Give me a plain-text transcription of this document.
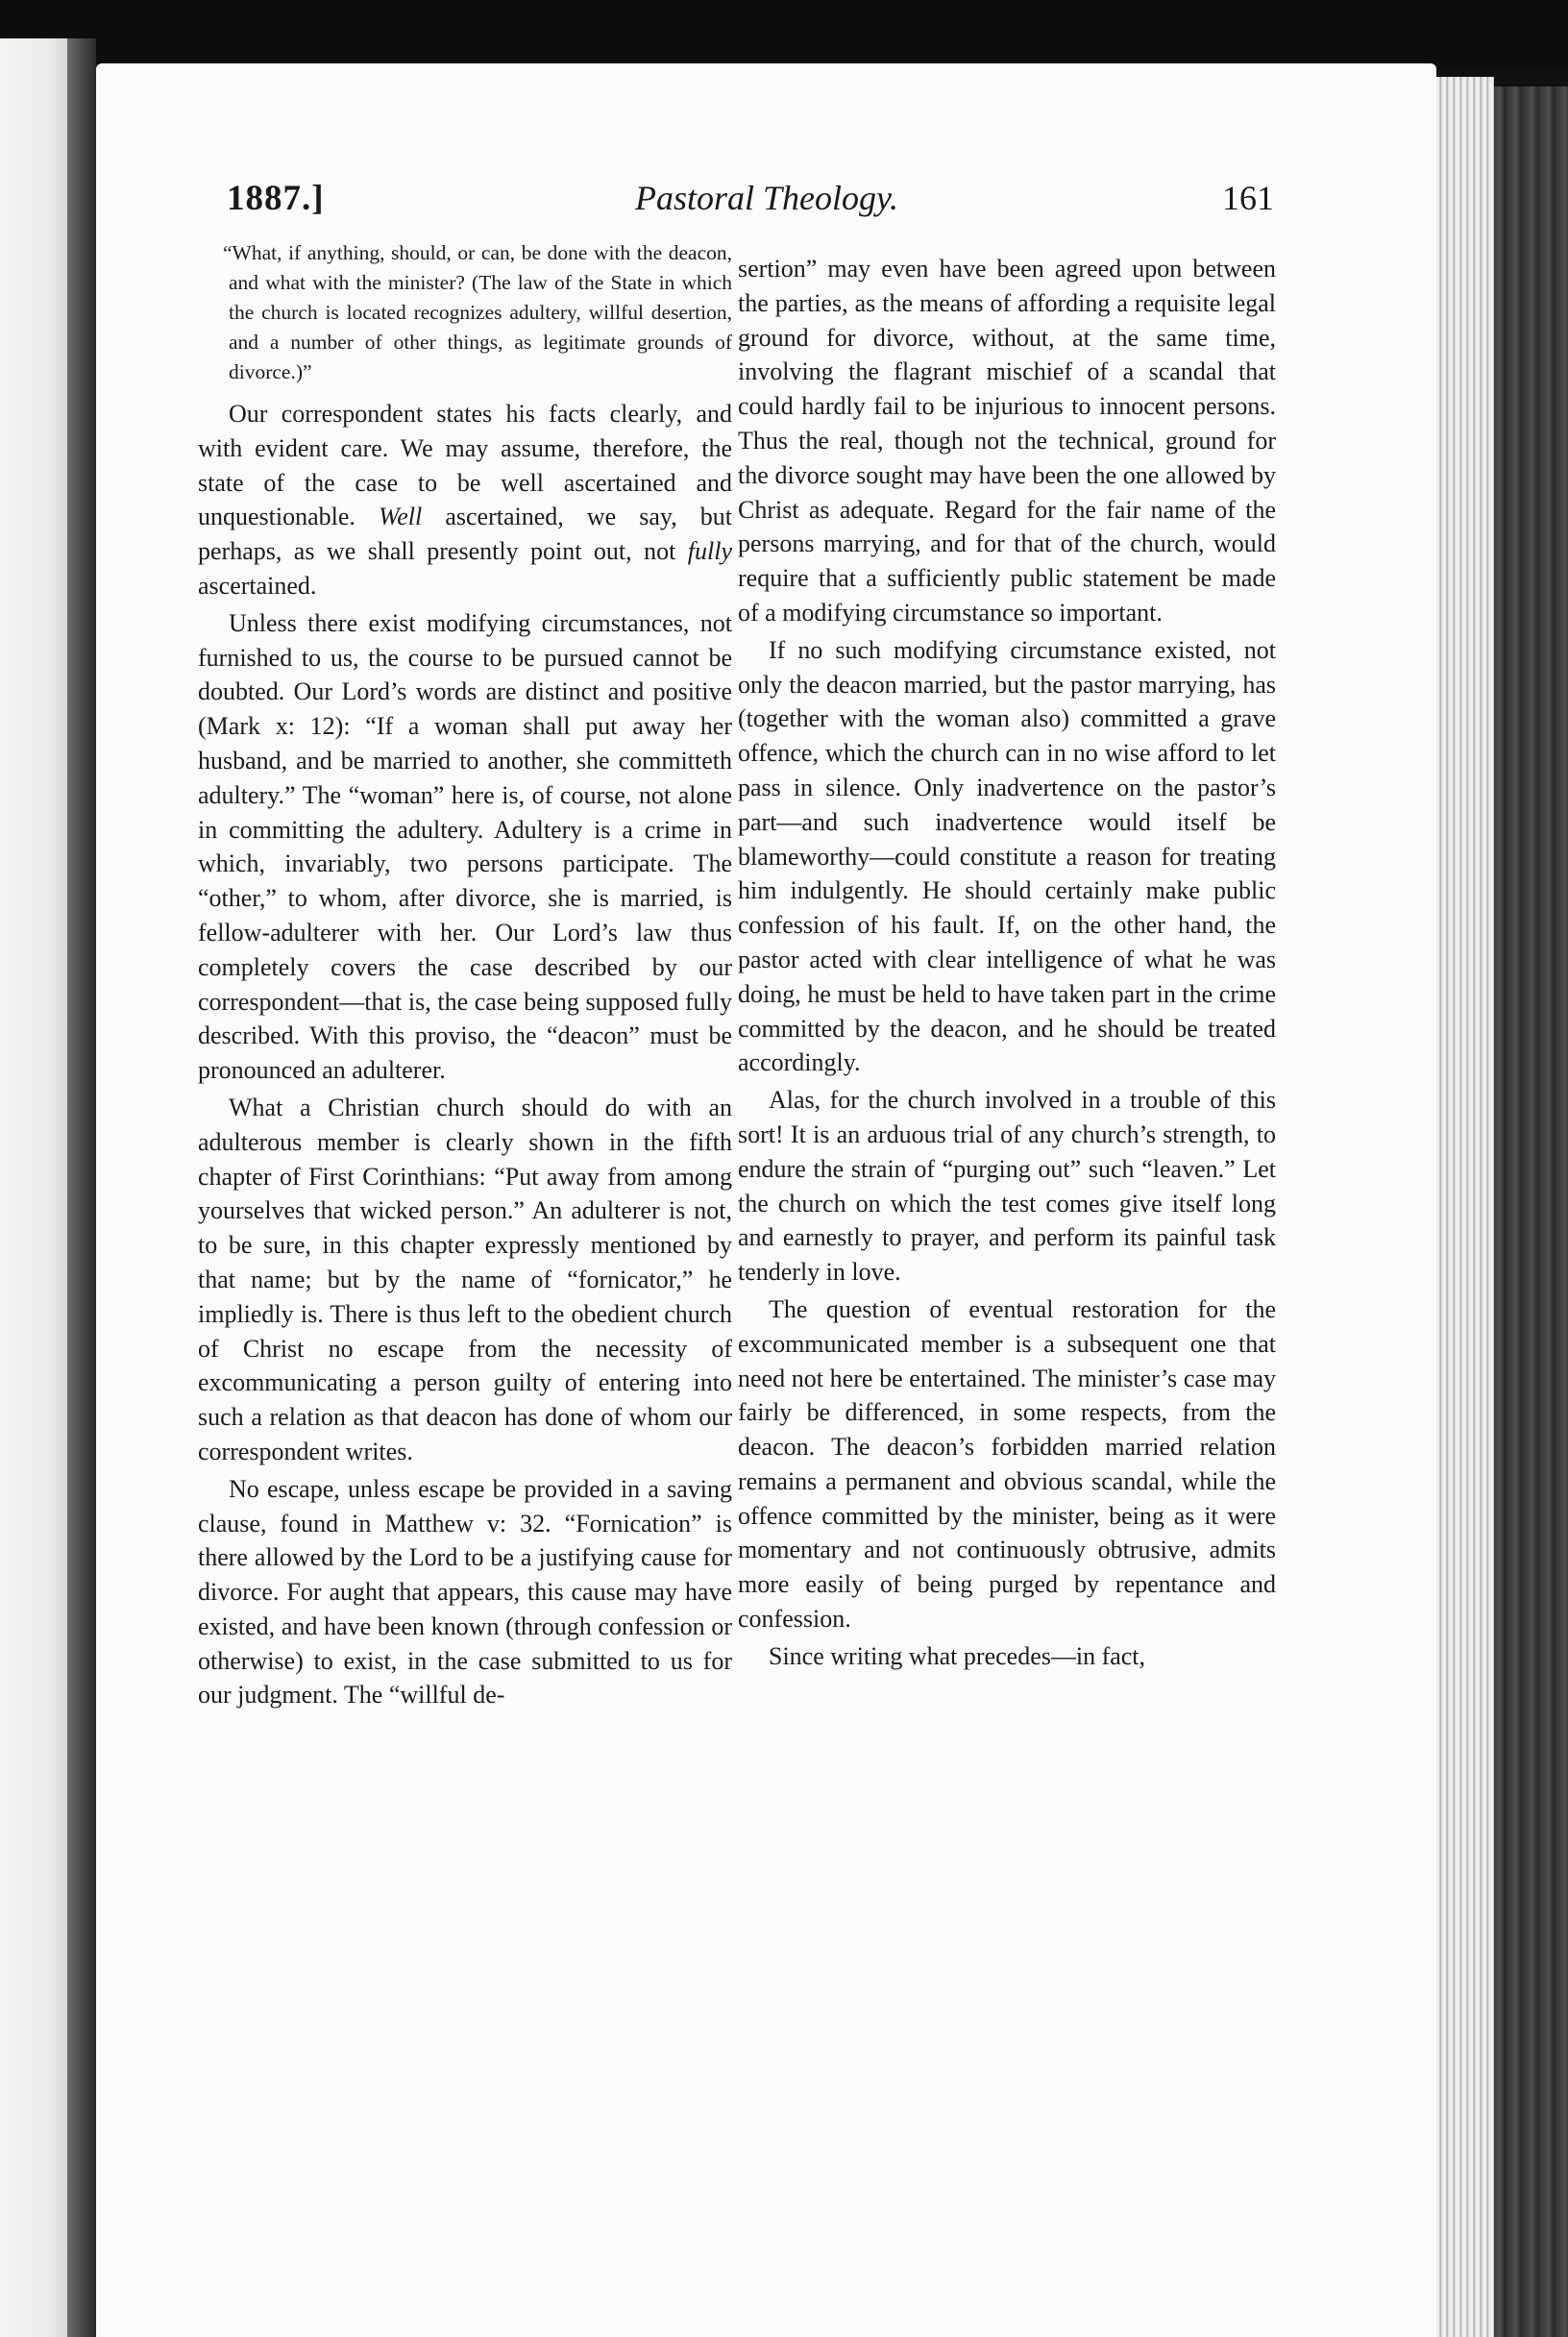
1887.]	Pastoral Theology.	161

“What, if anything, should, or can, be done with the deacon, and what with the minister? (The law of the State in which the church is located recognizes adultery, willful desertion, and a number of other things, as legitimate grounds of divorce.)”

Our correspondent states his facts clearly, and with evident care. We may assume, therefore, the state of the case to be well ascertained and unquestionable. Well ascertained, we say, but perhaps, as we shall presently point out, not fully ascertained.

Unless there exist modifying circumstances, not furnished to us, the course to be pursued cannot be doubted. Our Lord’s words are distinct and positive (Mark x: 12): “If a woman shall put away her husband, and be married to another, she committeth adultery.” The “woman” here is, of course, not alone in committing the adultery. Adultery is a crime in which, invariably, two persons participate. The “other,” to whom, after divorce, she is married, is fellow-adulterer with her. Our Lord’s law thus completely covers the case described by our correspondent—that is, the case being supposed fully described. With this proviso, the “deacon” must be pronounced an adulterer.

What a Christian church should do with an adulterous member is clearly shown in the fifth chapter of First Corinthians: “Put away from among yourselves that wicked person.” An adulterer is not, to be sure, in this chapter expressly mentioned by that name; but by the name of “fornicator,” he impliedly is. There is thus left to the obedient church of Christ no escape from the necessity of excommunicating a person guilty of entering into such a relation as that deacon has done of whom our correspondent writes.

No escape, unless escape be provided in a saving clause, found in Matthew v: 32. “Fornication” is there allowed by the Lord to be a justifying cause for divorce. For aught that appears, this cause may have existed, and have been known (through confession or otherwise) to exist, in the case submitted to us for our judgment. The “willful de-

sertion” may even have been agreed upon between the parties, as the means of affording a requisite legal ground for divorce, without, at the same time, involving the flagrant mischief of a scandal that could hardly fail to be injurious to innocent persons. Thus the real, though not the technical, ground for the divorce sought may have been the one allowed by Christ as adequate. Regard for the fair name of the persons marrying, and for that of the church, would require that a sufficiently public statement be made of a modifying circumstance so important.

If no such modifying circumstance existed, not only the deacon married, but the pastor marrying, has (together with the woman also) committed a grave offence, which the church can in no wise afford to let pass in silence. Only inadvertence on the pastor’s part—and such inadvertence would itself be blameworthy—could constitute a reason for treating him indulgently. He should certainly make public confession of his fault. If, on the other hand, the pastor acted with clear intelligence of what he was doing, he must be held to have taken part in the crime committed by the deacon, and he should be treated accordingly.

Alas, for the church involved in a trouble of this sort! It is an arduous trial of any church’s strength, to endure the strain of “purging out” such “leaven.” Let the church on which the test comes give itself long and earnestly to prayer, and perform its painful task tenderly in love.

The question of eventual restoration for the excommunicated member is a subsequent one that need not here be entertained. The minister’s case may fairly be differenced, in some respects, from the deacon. The deacon’s forbidden married relation remains a permanent and obvious scandal, while the offence committed by the minister, being as it were momentary and not continuously obtrusive, admits more easily of being purged by repentance and confession.

Since writing what precedes—in fact,
